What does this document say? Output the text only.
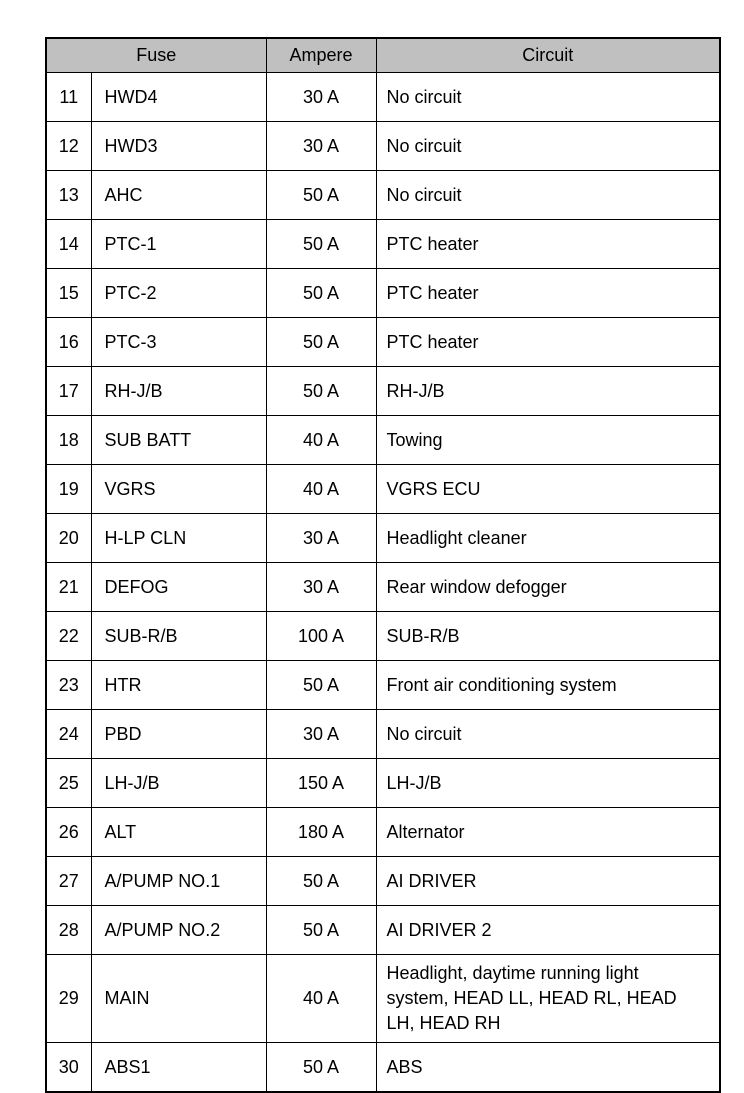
Fuse		Ampere	Circuit
11	HWD4	30 A	No circuit
12	HWD3	30 A	No circuit
13	AHC	50 A	No circuit
14	PTC-1	50 A	PTC heater
15	PTC-2	50 A	PTC heater
16	PTC-3	50 A	PTC heater
17	RH-J/B	50 A	RH-J/B
18	SUB BATT	40 A	Towing
19	VGRS	40 A	VGRS ECU
20	H-LP CLN	30 A	Headlight cleaner
21	DEFOG	30 A	Rear window defogger
22	SUB-R/B	100 A	SUB-R/B
23	HTR	50 A	Front air conditioning system
24	PBD	30 A	No circuit
25	LH-J/B	150 A	LH-J/B
26	ALT	180 A	Alternator
27	A/PUMP NO.1	50 A	AI DRIVER
28	A/PUMP NO.2	50 A	AI DRIVER 2
29	MAIN	40 A	Headlight, daytime running light system, HEAD LL, HEAD RL, HEAD LH, HEAD RH
30	ABS1	50 A	ABS
